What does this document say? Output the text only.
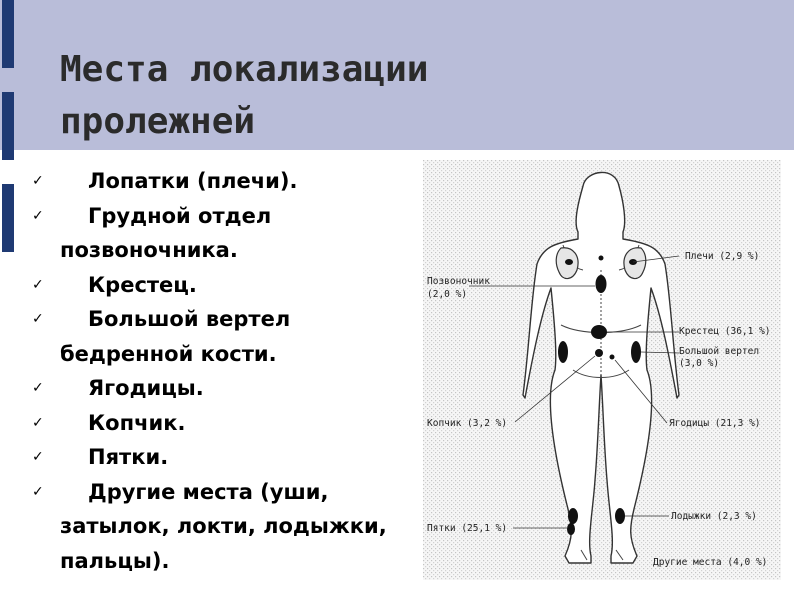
Места локализации
пролежней
✓	Лопатки (плечи).
✓	Грудной отдел позвоночника.
✓	Крестец.
✓	Большой вертел бедренной кости.
✓	Ягодицы.
✓	Копчик.
✓	Пятки.
✓	Другие места (уши, затылок, локти, лодыжки, пальцы).
Плечи (2,9 %)
Позвоночник
(2,0 %)
Крестец (36,1 %)
Большой вертел
(3,0 %)
Копчик (3,2 %)	Ягодицы (21,3 %)
Лодыжки (2,3 %)
Пятки (25,1 %)
Другие места (4,0 %)
